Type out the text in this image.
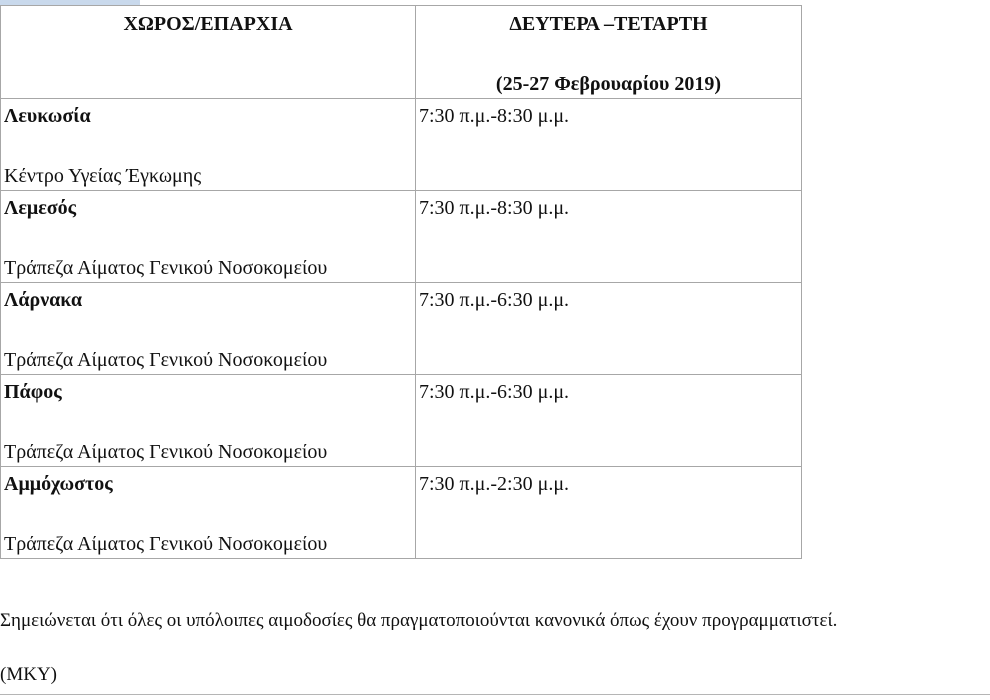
ΧΩΡΟΣ/ΕΠΑΡΧΙΑ	ΔΕΥΤΕΡΑ –ΤΕΤΑΡΤΗ
(25-27 Φεβρουαρίου 2019)

Λευκωσία
Κέντρο Υγείας Έγκωμης	7:30 π.μ.-8:30 μ.μ.

Λεμεσός
Τράπεζα Αίματος Γενικού Νοσοκομείου	7:30 π.μ.-8:30 μ.μ.

Λάρνακα
Τράπεζα Αίματος Γενικού Νοσοκομείου	7:30 π.μ.-6:30 μ.μ.

Πάφος
Τράπεζα Αίματος Γενικού Νοσοκομείου	7:30 π.μ.-6:30 μ.μ.

Αμμόχωστος
Τράπεζα Αίματος Γενικού Νοσοκομείου	7:30 π.μ.-2:30 μ.μ.

Σημειώνεται ότι όλες οι υπόλοιπες αιμοδοσίες θα πραγματοποιούνται κανονικά όπως έχουν προγραμματιστεί.

(ΜΚΥ)
